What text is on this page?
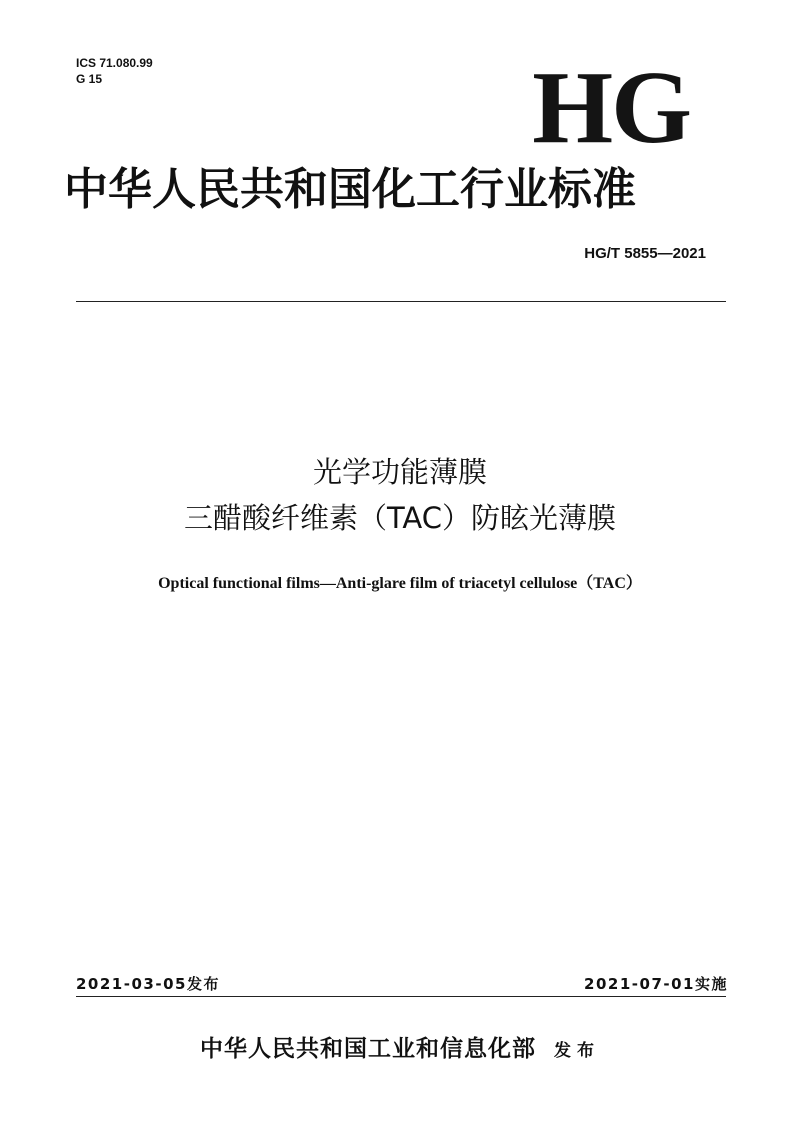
ICS 71.080.99
G 15	HG
中华人民共和国化工行业标准
HG/T 5855—2021
光学功能薄膜
三醋酸纤维素（TAC）防眩光薄膜
Optical functional films—Anti-glare film of triacetyl cellulose（TAC）
2021-03-05发布	2021-07-01实施
中华人民共和国工业和信息化部 发布
